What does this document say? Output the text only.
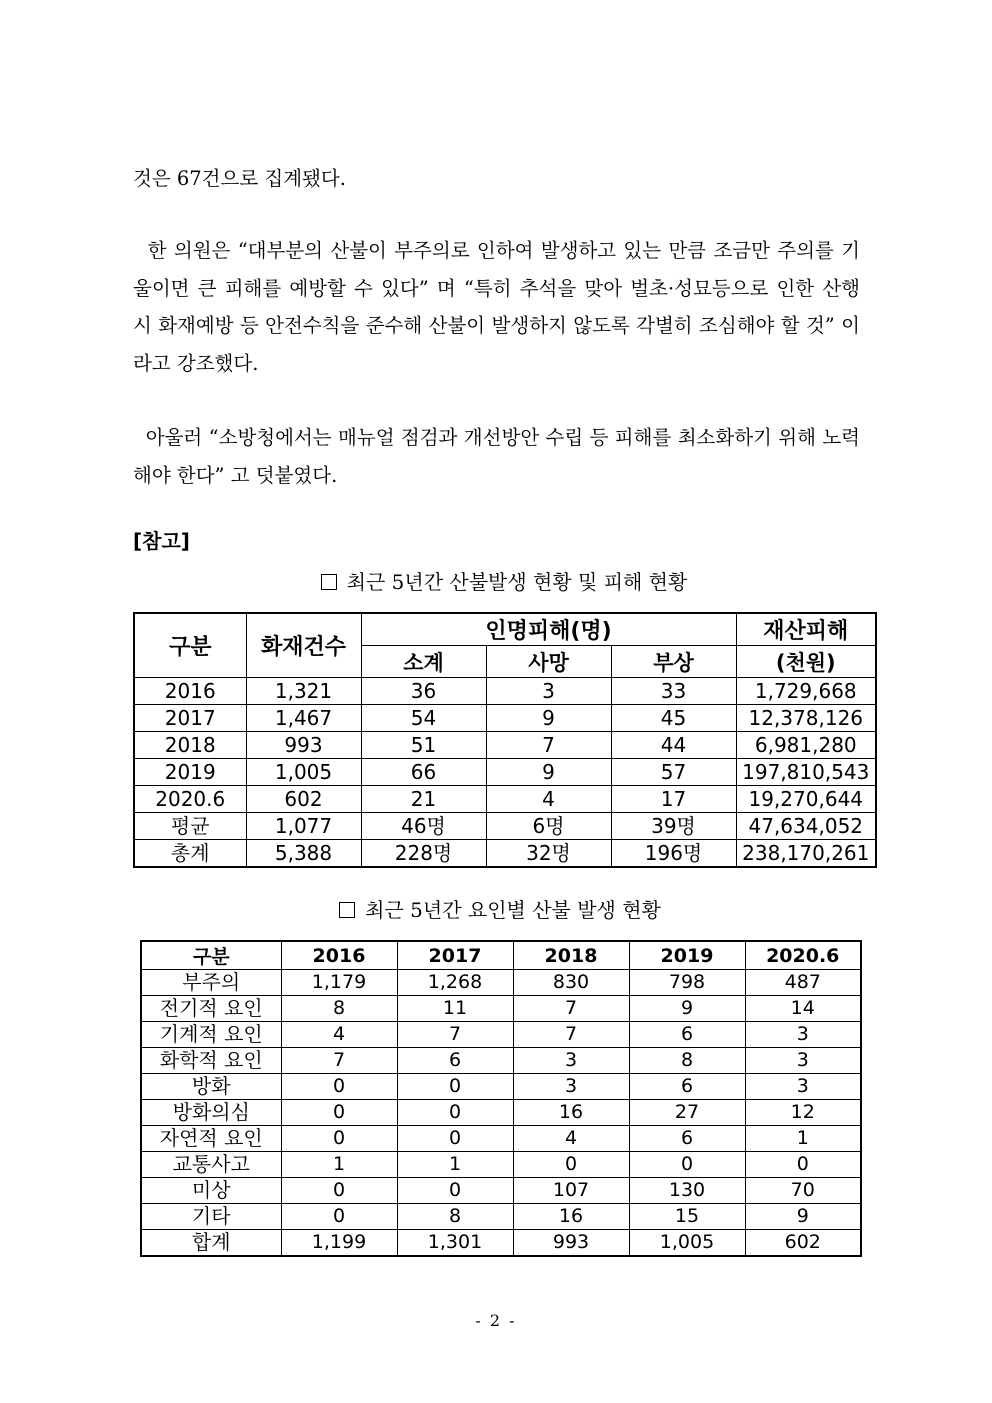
것은 67건으로 집계됐다.

한 의원은 “대부분의 산불이 부주의로 인하여 발생하고 있는 만큼 조금만 주의를 기울이면 큰 피해를 예방할 수 있다” 며 “특히 추석을 맞아 벌초·성묘등으로 인한 산행 시 화재예방 등 안전수칙을 준수해 산불이 발생하지 않도록 각별히 조심해야 할 것” 이라고 강조했다.

아울러 “소방청에서는 매뉴얼 점검과 개선방안 수립 등 피해를 최소화하기 위해 노력해야 한다” 고 덧붙였다.

[참고]
최근 5년간 산불발생 현황 및 피해 현황
구분	화재건수	인명피해(명)			재산피해
		소계	사망	부상	(천원)
2016	1,321	36	3	33	1,729,668
2017	1,467	54	9	45	12,378,126
2018	993	51	7	44	6,981,280
2019	1,005	66	9	57	197,810,543
2020.6	602	21	4	17	19,270,644
평균	1,077	46명	6명	39명	47,634,052
총계	5,388	228명	32명	196명	238,170,261
최근 5년간 요인별 산불 발생 현황
구분	2016	2017	2018	2019	2020.6
부주의	1,179	1,268	830	798	487
전기적 요인	8	11	7	9	14
기계적 요인	4	7	7	6	3
화학적 요인	7	6	3	8	3
방화	0	0	3	6	3
방화의심	0	0	16	27	12
자연적 요인	0	0	4	6	1
교통사고	1	1	0	0	0
미상	0	0	107	130	70
기타	0	8	16	15	9
합계	1,199	1,301	993	1,005	602
- 2 -
